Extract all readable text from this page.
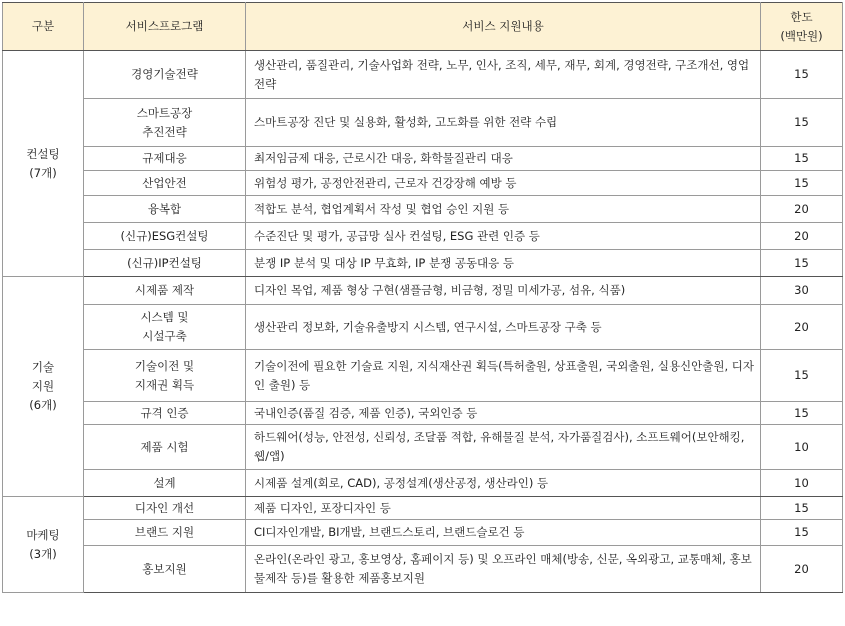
구분	서비스프로그램	서비스 지원내용	한도
(백만원)

컨설팅
(7개)	경영기술전략	생산관리, 품질관리, 기술사업화 전략, 노무, 인사, 조직, 세무, 재무, 회계, 경영전략, 구조개선, 영업전략	15

	스마트공장
추진전략	스마트공장 진단 및 실용화, 활성화, 고도화를 위한 전략 수립	15

	규제대응	최저임금제 대응, 근로시간 대응, 화학물질관리 대응	15

	산업안전	위험성 평가, 공정안전관리, 근로자 건강장해 예방 등	15

	융복합	적합도 분석, 협업계획서 작성 및 협업 승인 지원 등	20

	(신규)ESG컨설팅	수준진단 및 평가, 공급망 실사 컨설팅, ESG 관련 인증 등	20

	(신규)IP컨설팅	분쟁 IP 분석 및 대상 IP 무효화, IP 분쟁 공동대응 등	15

기술
지원
(6개)	시제품 제작	디자인 목업, 제품 형상 구현(샘플금형, 비금형, 정밀 미세가공, 섬유, 식품)	30

	시스템 및
시설구축	생산관리 정보화, 기술유출방지 시스템, 연구시설, 스마트공장 구축 등	20

	기술이전 및
지재권 획득	기술이전에 필요한 기술료 지원, 지식재산권 획득(특허출원, 상표출원, 국외출원, 실용신안출원, 디자인 출원) 등	15

	규격 인증	국내인증(품질 검증, 제품 인증), 국외인증 등	15

	제품 시험	하드웨어(성능, 안전성, 신뢰성, 조달품 적합, 유해물질 분석, 자가품질검사), 소프트웨어(보안해킹, 웹/앱)	10

	설계	시제품 설계(회로, CAD), 공정설계(생산공정, 생산라인) 등	10

마케팅
(3개)	디자인 개선	제품 디자인, 포장디자인 등	15

	브랜드 지원	CI디자인개발, BI개발, 브랜드스토리, 브랜드슬로건 등	15

	홍보지원	온라인(온라인 광고, 홍보영상, 홈페이지 등) 및 오프라인 매체(방송, 신문, 옥외광고, 교통매체, 홍보물제작 등)를 활용한 제품홍보지원	20
